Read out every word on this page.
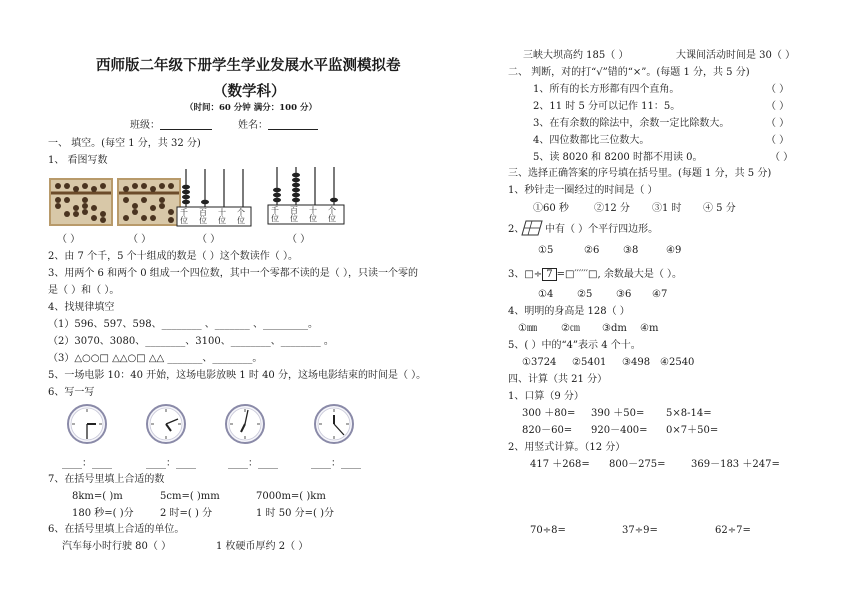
西师版二年级下册学生学业发展水平监测模拟卷
（数学科）
（时间：60 分钟 满分：100 分）
班级：	姓名：
一、 填空。(每空 1 分，共 32 分)
1、 看图写数
千位
百位
十位
个位
千位
百位
十位
个位
（ ）	（ ）	（ ）	（ ）
2、由 7 个千，5 个十组成的数是（ ）这个数读作（ ）。
3、用两个 6 和两个 0 组成一个四位数，其中一个零都不读的是（ ），只读一个零的
是（ ）和（ ）。
4、找规律填空
（1）596、597、598、________ 、_______ 、_________。
（2）3070、3080、________、3100、________、________ 。
（3）△○○□ △△○□ △△ _______、________。
5、一场电影 10：40 开始，这场电影放映 1 时 40 分，这场电影结束的时间是（ ）。
6、写一写
____：____	____：____	____：____	____：____
7、在括号里填上合适的数
8km=( )m	5cm=( )mm	7000m=( )km
180 秒=( )分	2 时=( ) 分	1 时 50 分=( )分
6、在括号里填上合适的单位。
汽车每小时行驶 80（ ）	1 枚硬币厚约 2（ ）
三峡大坝高约 185（ ）	大课间活动时间是 30（ ）
二、 判断，对的打“√”错的“×”。(每题 1 分，共 5 分)
1、所有的长方形都有四个直角。	（ ）
2、11 时 5 分可以记作 11：5。	（ ）
3、在有余数的除法中，余数一定比除数大。	（ ）
4、四位数都比三位数大。	（ ）
5、读 8020 和 8200 时都不用读 0。	（ ）
三、选择正确答案的序号填在括号里。(每题 1 分，共 5 分)
1、秒针走一圈经过的时间是（ ）
①60 秒	②12 分 ③1 时 ④ 5 分
2、 中有（ ）个平行四边形。
①5	②6 ③8	④9
3、□÷ 7 =□′′′′′′□, 余数最大是（ ）。
①4 ②5 ③6 ④7
4、明明的身高是 128（ ）
①㎜ ②㎝ ③dm ④m
5、( ）中的“4”表示 4 个十。
①3724 ②5401 ③498 ④2540
四、计算（共 21 分）
1、口算（9 分）
300 ＋80= 390 ＋50= 5×8-14=
820－60= 920－400= 0×7＋50=
2、用竖式计算。（12 分）
417 ＋268= 800－275=	369－183 ＋247=
70÷8=	37÷9=	62÷7=
